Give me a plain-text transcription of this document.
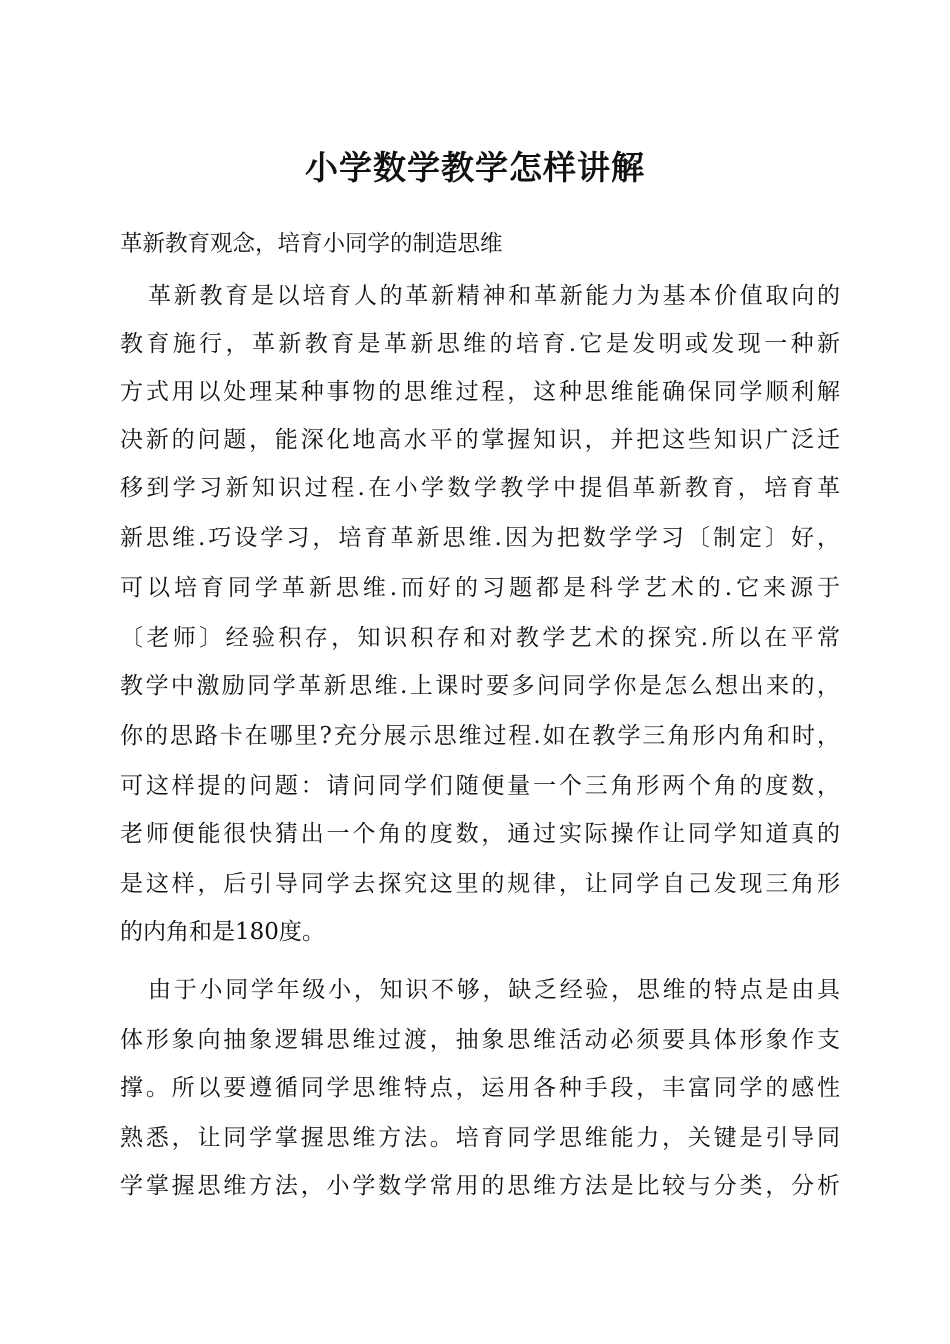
小学数学教学怎样讲解

革新教育观念，培育小同学的制造思维

革新教育是以培育人的革新精神和革新能力为基本价值取向的
教育施行，革新教育是革新思维的培育.它是发明或发现一种新
方式用以处理某种事物的思维过程，这种思维能确保同学顺利解
决新的问题，能深化地高水平的掌握知识，并把这些知识广泛迁
移到学习新知识过程.在小学数学教学中提倡革新教育，培育革
新思维.巧设学习，培育革新思维.因为把数学学习〔制定〕好，
可以培育同学革新思维.而好的习题都是科学艺术的.它来源于
〔老师〕经验积存，知识积存和对教学艺术的探究.所以在平常
教学中激励同学革新思维.上课时要多问同学你是怎么想出来的，
你的思路卡在哪里?充分展示思维过程.如在教学三角形内角和时，
可这样提的问题：请问同学们随便量一个三角形两个角的度数，
老师便能很快猜出一个角的度数，通过实际操作让同学知道真的
是这样，后引导同学去探究这里的规律，让同学自己发现三角形
的内角和是180度。
由于小同学年级小，知识不够，缺乏经验，思维的特点是由具
体形象向抽象逻辑思维过渡，抽象思维活动必须要具体形象作支
撑。所以要遵循同学思维特点，运用各种手段，丰富同学的感性
熟悉，让同学掌握思维方法。培育同学思维能力，关键是引导同
学掌握思维方法，小学数学常用的思维方法是比较与分类，分析
